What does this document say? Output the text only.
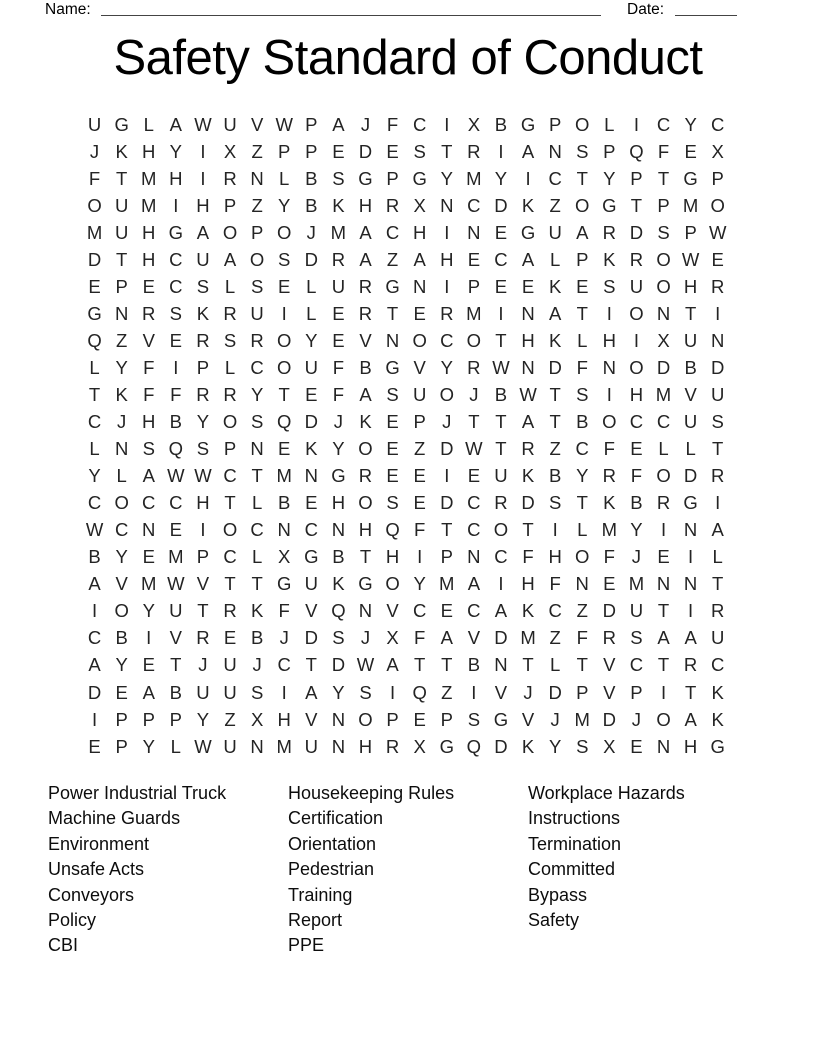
Name:	Date:
Safety Standard of Conduct
U G L A W U V W P A J F C I X B G P O L	I C Y C
J K H Y I X Z P P E D E S T R I A N S P Q F E X
F T M H I R N L B S G P G Y M Y I C T Y P T G P
O U M I H P Z Y B K H R X N C D K Z O G T P M O
M U H G A O P O J M A C H I N E G U A R D S P W
D T H C U A O S D R A Z A H E C A L P K R O W E
E P E C S L S E L U R G N I P E E K E S U O H R
G N R S K R U I	L E R T E R M I N A T	I O N T	I
Q Z V E R S R O Y E V N O C O T H K L H I X U N
L Y F	I P L C O U F B G V Y R W N D F N O D B D
T K F F R R Y T E F A S U O J B W T S I H M V U
C J H B Y O S Q D J K E P J T T A T B O C C U S
L N S Q S P N E K Y O E Z D W T R Z C F E L L T
Y L A W W C T M N G R E E I E U K B Y R F O D R
C O C C H T L B E H O S E D C R D S T K B R G I
W C N E I O C N C N H Q F T C O T	I	L M Y I N A
B Y E M P C L X G B T H I P N C F H O F J E I	L
A V M W V T T G U K G O Y M A I H F N E M N N T
I O Y U T R K F V Q N V C E C A K C Z D U T	I R
C B I V R E B J D S J X F A V D M Z F R S A A U
A Y E T J U J C T D W A T T B N T L T V C T R C
D E A B U U S I A Y S I Q Z	I V J D P V P I	T K
I P P P Y Z X H V N O P E P S G V J M D J O A K
E P Y L W U N M U N H R X G Q D K Y S X E N H G
Power Industrial Truck
Machine Guards
Environment
Unsafe Acts
Conveyors
Policy
CBI
Housekeeping Rules
Certification
Orientation
Pedestrian
Training
Report
PPE
Workplace Hazards
Instructions
Termination
Committed
Bypass
Safety
